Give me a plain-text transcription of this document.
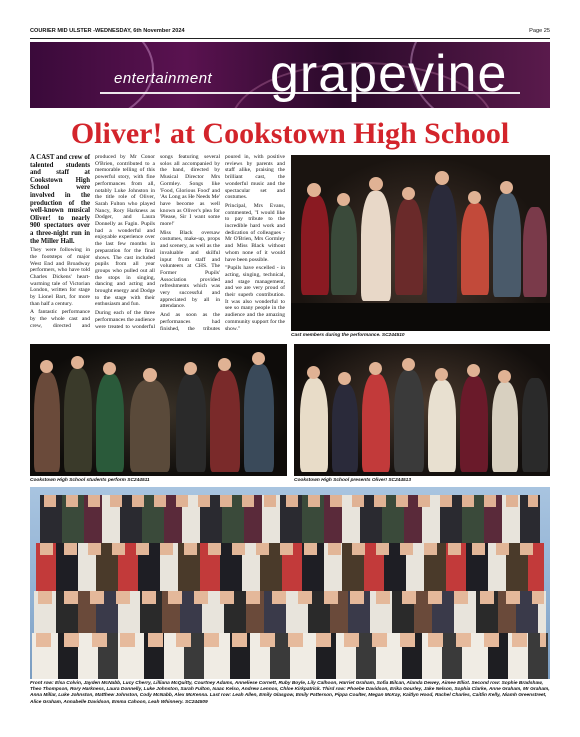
COURIER MID ULSTER -WEDNESDAY, 6th November 2024	Page 25
entertainment grapevine
Oliver! at Cookstown High School

A CAST and crew of talented students and staff at Cookstown High School were involved in the production of the well-known musical Oliver! to nearly 900 spectators over a three-night run in the Miller Hall.

They were following in the footsteps of major West End and Broadway performers, who have told Charles Dickens' heart-warming tale of Victorian London, written for stage by Lionel Bart, for more than half a century.

A fantastic performance by the whole cast and crew, directed and produced by Mr Conor O'Brien, contributed to a memorable telling of this powerful story, with fine performances from all, notably Luke Johnston in the title role of Oliver, Sarah Fulton who played Nancy, Rory Harkness as Dodger, and Laura Donnelly as Fagin. Pupils had a wonderful and enjoyable experience over the last few months in preparation for the final shows. The cast included pupils from all year groups who pulled out all the stops in singing, dancing and acting and brought energy and Dodge to the stage with their enthusiasm and fun.

During each of the three performances the audience were treated to wonderful songs featuring several solos all accompanied by the band, directed by Musical Director Mrs Gormley. Songs like 'Food, Glorious Food' and 'As Long as He Needs Me' have become as well known as Oliver's plea for 'Please, Sir I want some more!'

Miss Black oversaw costumes, make-up, props and scenery, as well as the invaluable and skilful input from staff and volunteers at CHS. The Former Pupils' Association provided refreshments which was very successful and appreciated by all in attendance.

And as soon as the performances had finished, the tributes poured in, with positive reviews by parents and staff alike, praising the brilliant cast, the wonderful music and the spectacular set and costumes.

Principal, Mrs Evans, commented, "I would like to pay tribute to the incredible hard work and dedication of colleagues - Mr O'Brien, Mrs Gormley and Miss Black without whom none of it would have been possible.

"Pupils have excelled - in acting, singing, technical, and stage management, and we are very proud of their superb contribution. It was also wonderful to see so many people in the audience and the amazing community support for the show."

Cast members during the performance. SC244510
Cookstown High School students perform SC244511	Cookstown High School presents Oliver! SC244513
Front row: Elsa Colvin, Jayden McNabb, Lucy Cherry, Lilliana McQuitty, Courtney Adams, Anneliese Cornett, Ruby Boyle, Lily Calhoon, Harriet Graham, Sofia Bilcan, Alanda Dewey, Aimee Elliot. Second row: Sophie Bradshaw, Theo Thompson, Rory Harkness, Laura Donnelly, Luke Johnston, Sarah Fulton, Isaac Kelso, Andrew Lennox, Chloe Kirkpatrick. Third row: Phoebe Davidson, Erika Gourley, Jake Nelson, Sophia Clarke, Anne Graham, Mr Graham, Anna Millar, Luke Johnston, Matthew Johnston, Cody McNabb, Alex McKenna. Last row: Leah Allen, Emily Glasgow, Emily Patterson, Pippa Coulter, Megan McKay, Kaitlyn Hood, Rachel Charles, Caitlin Kelly, Niamh Greenstreet, Alice Graham, Annabelle Davidson, Emma Cahoon, Leah Whinnery. SC244509
